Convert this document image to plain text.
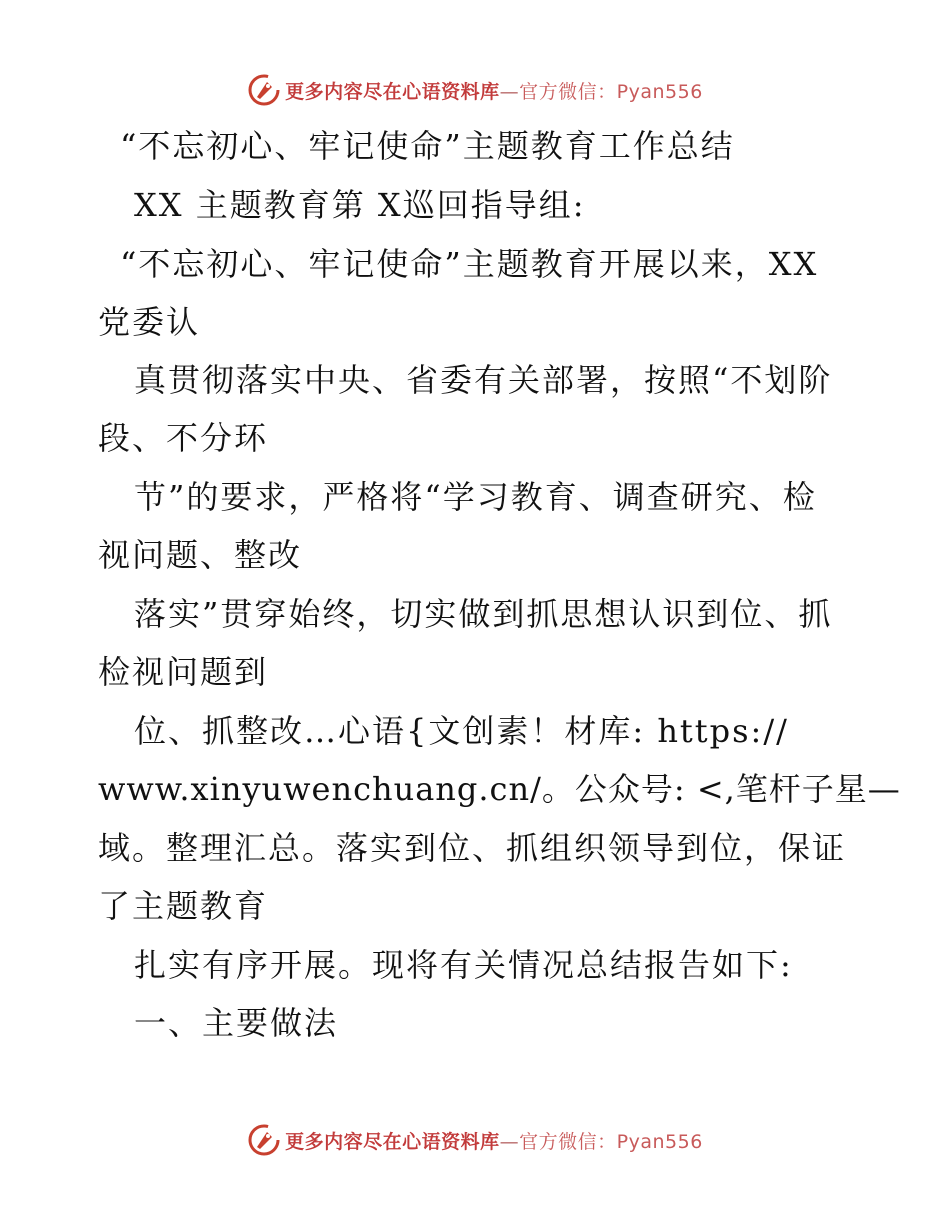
更多内容尽在心语资料库—官方微信：Pyan556
“不忘初心、牢记使命”主题教育工作总结
XX 主题教育第 X巡回指导组:
“不忘初心、牢记使命”主题教育开展以来，XX
党委认
真贯彻落实中央、省委有关部署，按照“不划阶
段、不分环
节”的要求，严格将“学习教育、调查研究、检
视问题、整改
落实”贯穿始终，切实做到抓思想认识到位、抓
检视问题到
位、抓整改…心语{文创素！材库: https://
www.xinyuwenchuang.cn/。公众号: <,笔杆子星—
域。整理汇总。落实到位、抓组织领导到位，保证
了主题教育
扎实有序开展。现将有关情况总结报告如下:
一、主要做法
更多内容尽在心语资料库—官方微信：Pyan556
